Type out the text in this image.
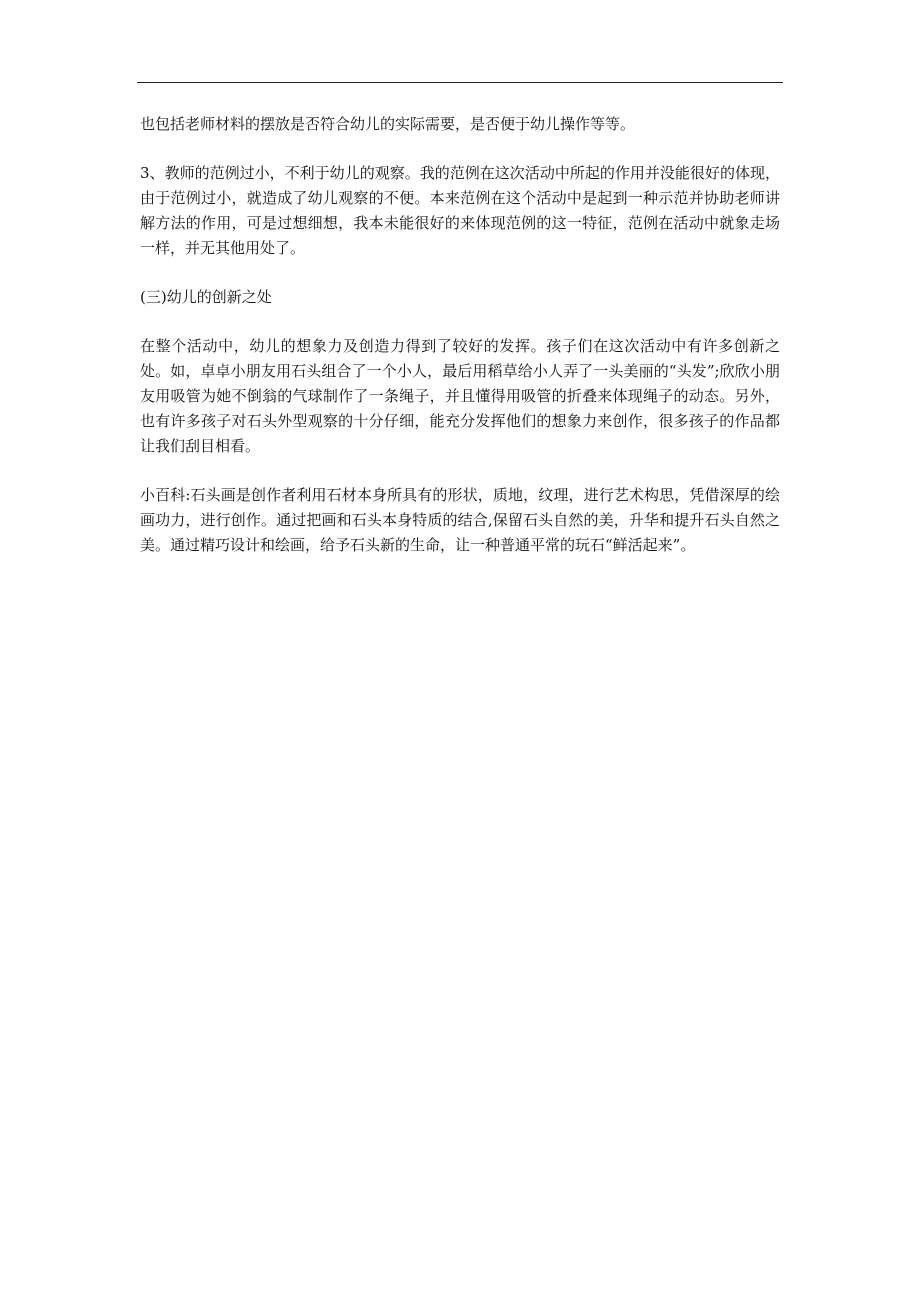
也包括老师材料的摆放是否符合幼儿的实际需要，是否便于幼儿操作等等。

3、教师的范例过小，不利于幼儿的观察。我的范例在这次活动中所起的作用并没能很好的体现，由于范例过小，就造成了幼儿观察的不便。本来范例在这个活动中是起到一种示范并协助老师讲解方法的作用，可是过想细想，我本未能很好的来体现范例的这一特征，范例在活动中就象走场一样，并无其他用处了。

(三)幼儿的创新之处

在整个活动中，幼儿的想象力及创造力得到了较好的发挥。孩子们在这次活动中有许多创新之处。如，卓卓小朋友用石头组合了一个小人，最后用稻草给小人弄了一头美丽的“头发”;欣欣小朋友用吸管为她不倒翁的气球制作了一条绳子，并且懂得用吸管的折叠来体现绳子的动态。另外，也有许多孩子对石头外型观察的十分仔细，能充分发挥他们的想象力来创作，很多孩子的作品都让我们刮目相看。

小百科:石头画是创作者利用石材本身所具有的形状，质地，纹理，进行艺术构思，凭借深厚的绘画功力，进行创作。通过把画和石头本身特质的结合,保留石头自然的美，升华和提升石头自然之美。通过精巧设计和绘画，给予石头新的生命，让一种普通平常的玩石“鲜活起来”。
